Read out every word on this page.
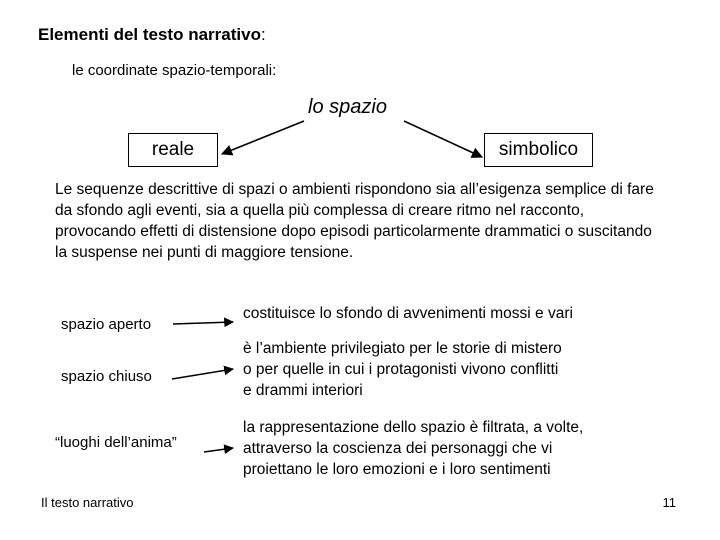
Elementi del testo narrativo:
le coordinate spazio-temporali:
lo spazio
reale	simbolico
Le sequenze descrittive di spazi o ambienti rispondono sia all’esigenza semplice di fare da sfondo agli eventi, sia a quella più complessa di creare ritmo nel racconto, provocando effetti di distensione dopo episodi particolarmente drammatici o suscitando la suspense nei punti di maggiore tensione.
spazio aperto
costituisce lo sfondo di avvenimenti mossi e vari
spazio chiuso
è l’ambiente privilegiato per le storie di mistero
o per quelle in cui i protagonisti vivono conflitti
e drammi interiori
“luoghi dell’anima”
la rappresentazione dello spazio è filtrata, a volte,
attraverso la coscienza dei personaggi che vi
proiettano le loro emozioni e i loro sentimenti
Il testo narrativo	11
